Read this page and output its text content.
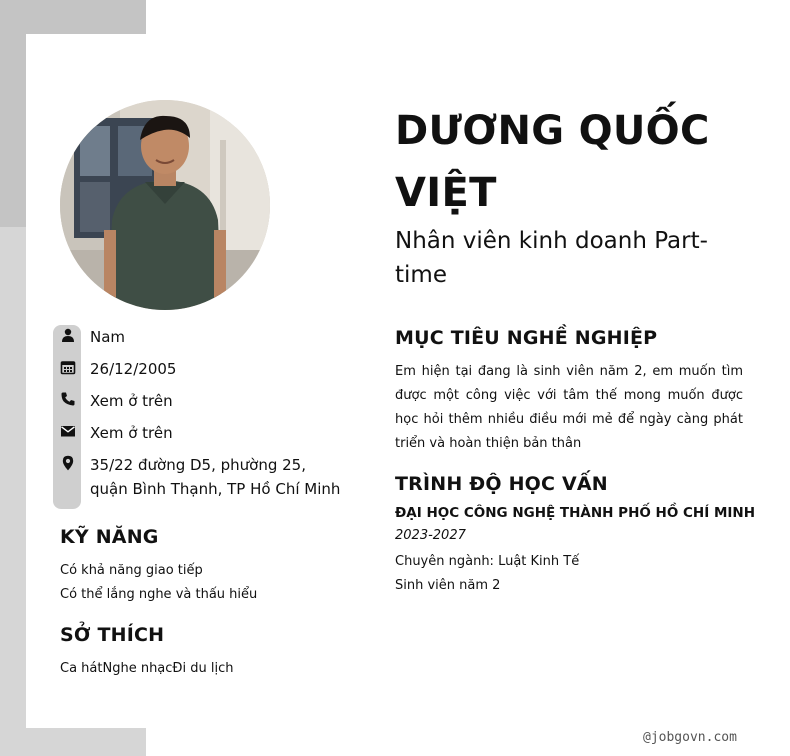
Nam
26/12/2005
Xem ở trên
Xem ở trên
35/22 đường D5, phường 25, quận Bình Thạnh, TP Hồ Chí Minh
KỸ NĂNG
Có khả năng giao tiếp
Có thể lắng nghe và thấu hiểu
SỞ THÍCH
Ca hátNghe nhạcĐi du lịch
DƯƠNG QUỐC VIỆT
Nhân viên kinh doanh Part-time
MỤC TIÊU NGHỀ NGHIỆP
Em hiện tại đang là sinh viên năm 2, em muốn tìm được một công việc với tâm thế mong muốn được học hỏi thêm nhiều điều mới mẻ để ngày càng phát triển và hoàn thiện bản thân
TRÌNH ĐỘ HỌC VẤN
ĐẠI HỌC CÔNG NGHỆ THÀNH PHỐ HỒ CHÍ MINH
2023-2027
Chuyên ngành: Luật Kinh Tế
Sinh viên năm 2
@jobgovn.com
